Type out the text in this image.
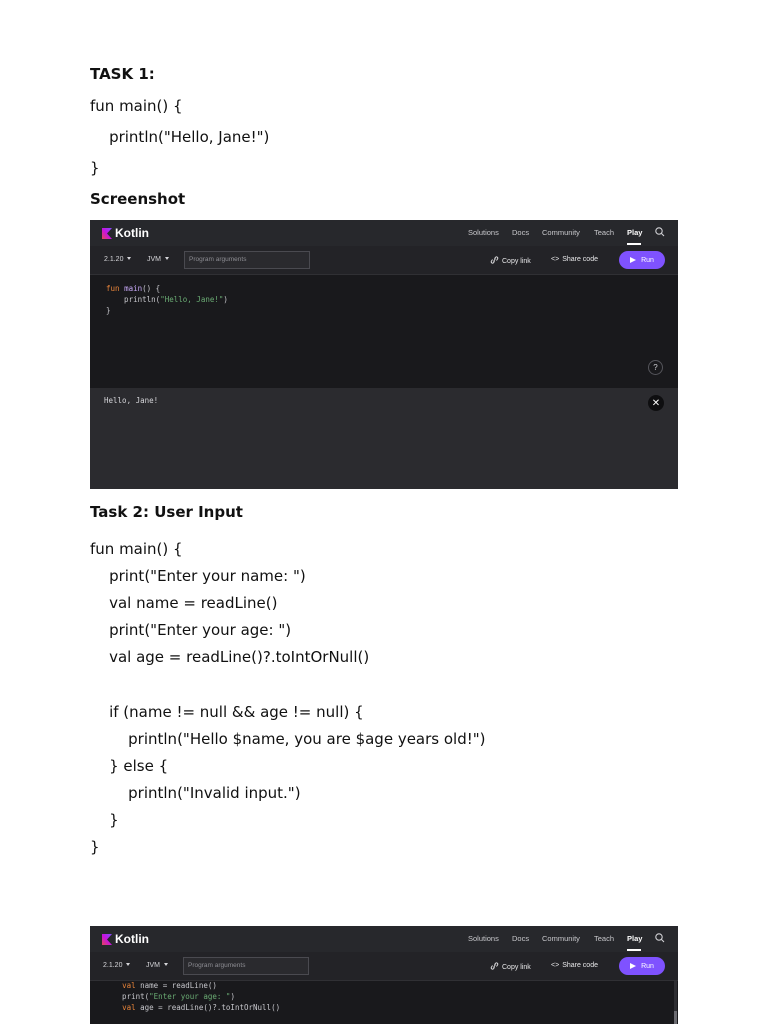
TASK 1:
fun main() {
println("Hello, Jane!")
}
Screenshot
Kotlin	Solutions Docs Community Teach Play
2.1.20	JVM	Program arguments	Copy link	<> Share code	Run
fun main() {
println("Hello, Jane!")
}
?
Hello, Jane!	✕
Task 2: User Input
fun main() {
print("Enter your name: ")
val name = readLine()
print("Enter your age: ")
val age = readLine()?.toIntOrNull()
if (name != null && age != null) {
println("Hello $name, you are $age years old!")
} else {
println("Invalid input.")
}
}
Kotlin	Solutions Docs Community Teach Play
2.1.20	JVM	Program arguments	Copy link	<> Share code	Run
val name = readLine()
print("Enter your age: ")
val age = readLine()?.toIntOrNull()
